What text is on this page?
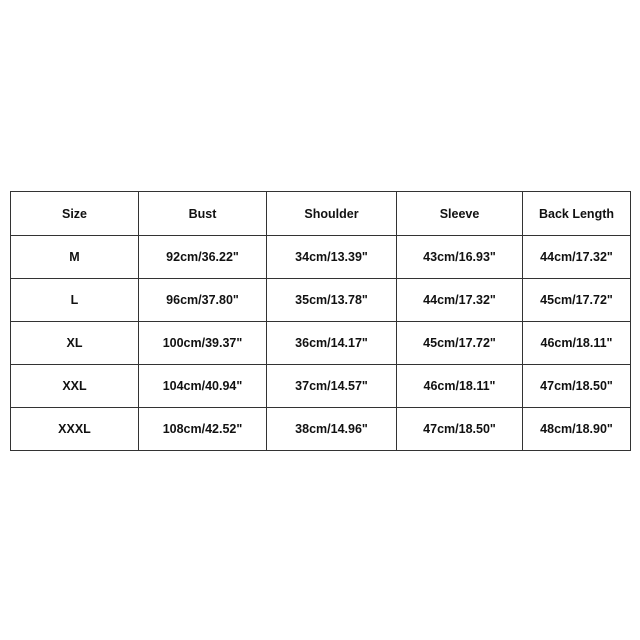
Size	Bust	Shoulder	Sleeve	Back Length
M	92cm/36.22"	34cm/13.39"	43cm/16.93"	44cm/17.32"
L	96cm/37.80"	35cm/13.78"	44cm/17.32"	45cm/17.72"
XL	100cm/39.37"	36cm/14.17"	45cm/17.72"	46cm/18.11"
XXL	104cm/40.94"	37cm/14.57"	46cm/18.11"	47cm/18.50"
XXXL	108cm/42.52"	38cm/14.96"	47cm/18.50"	48cm/18.90"
